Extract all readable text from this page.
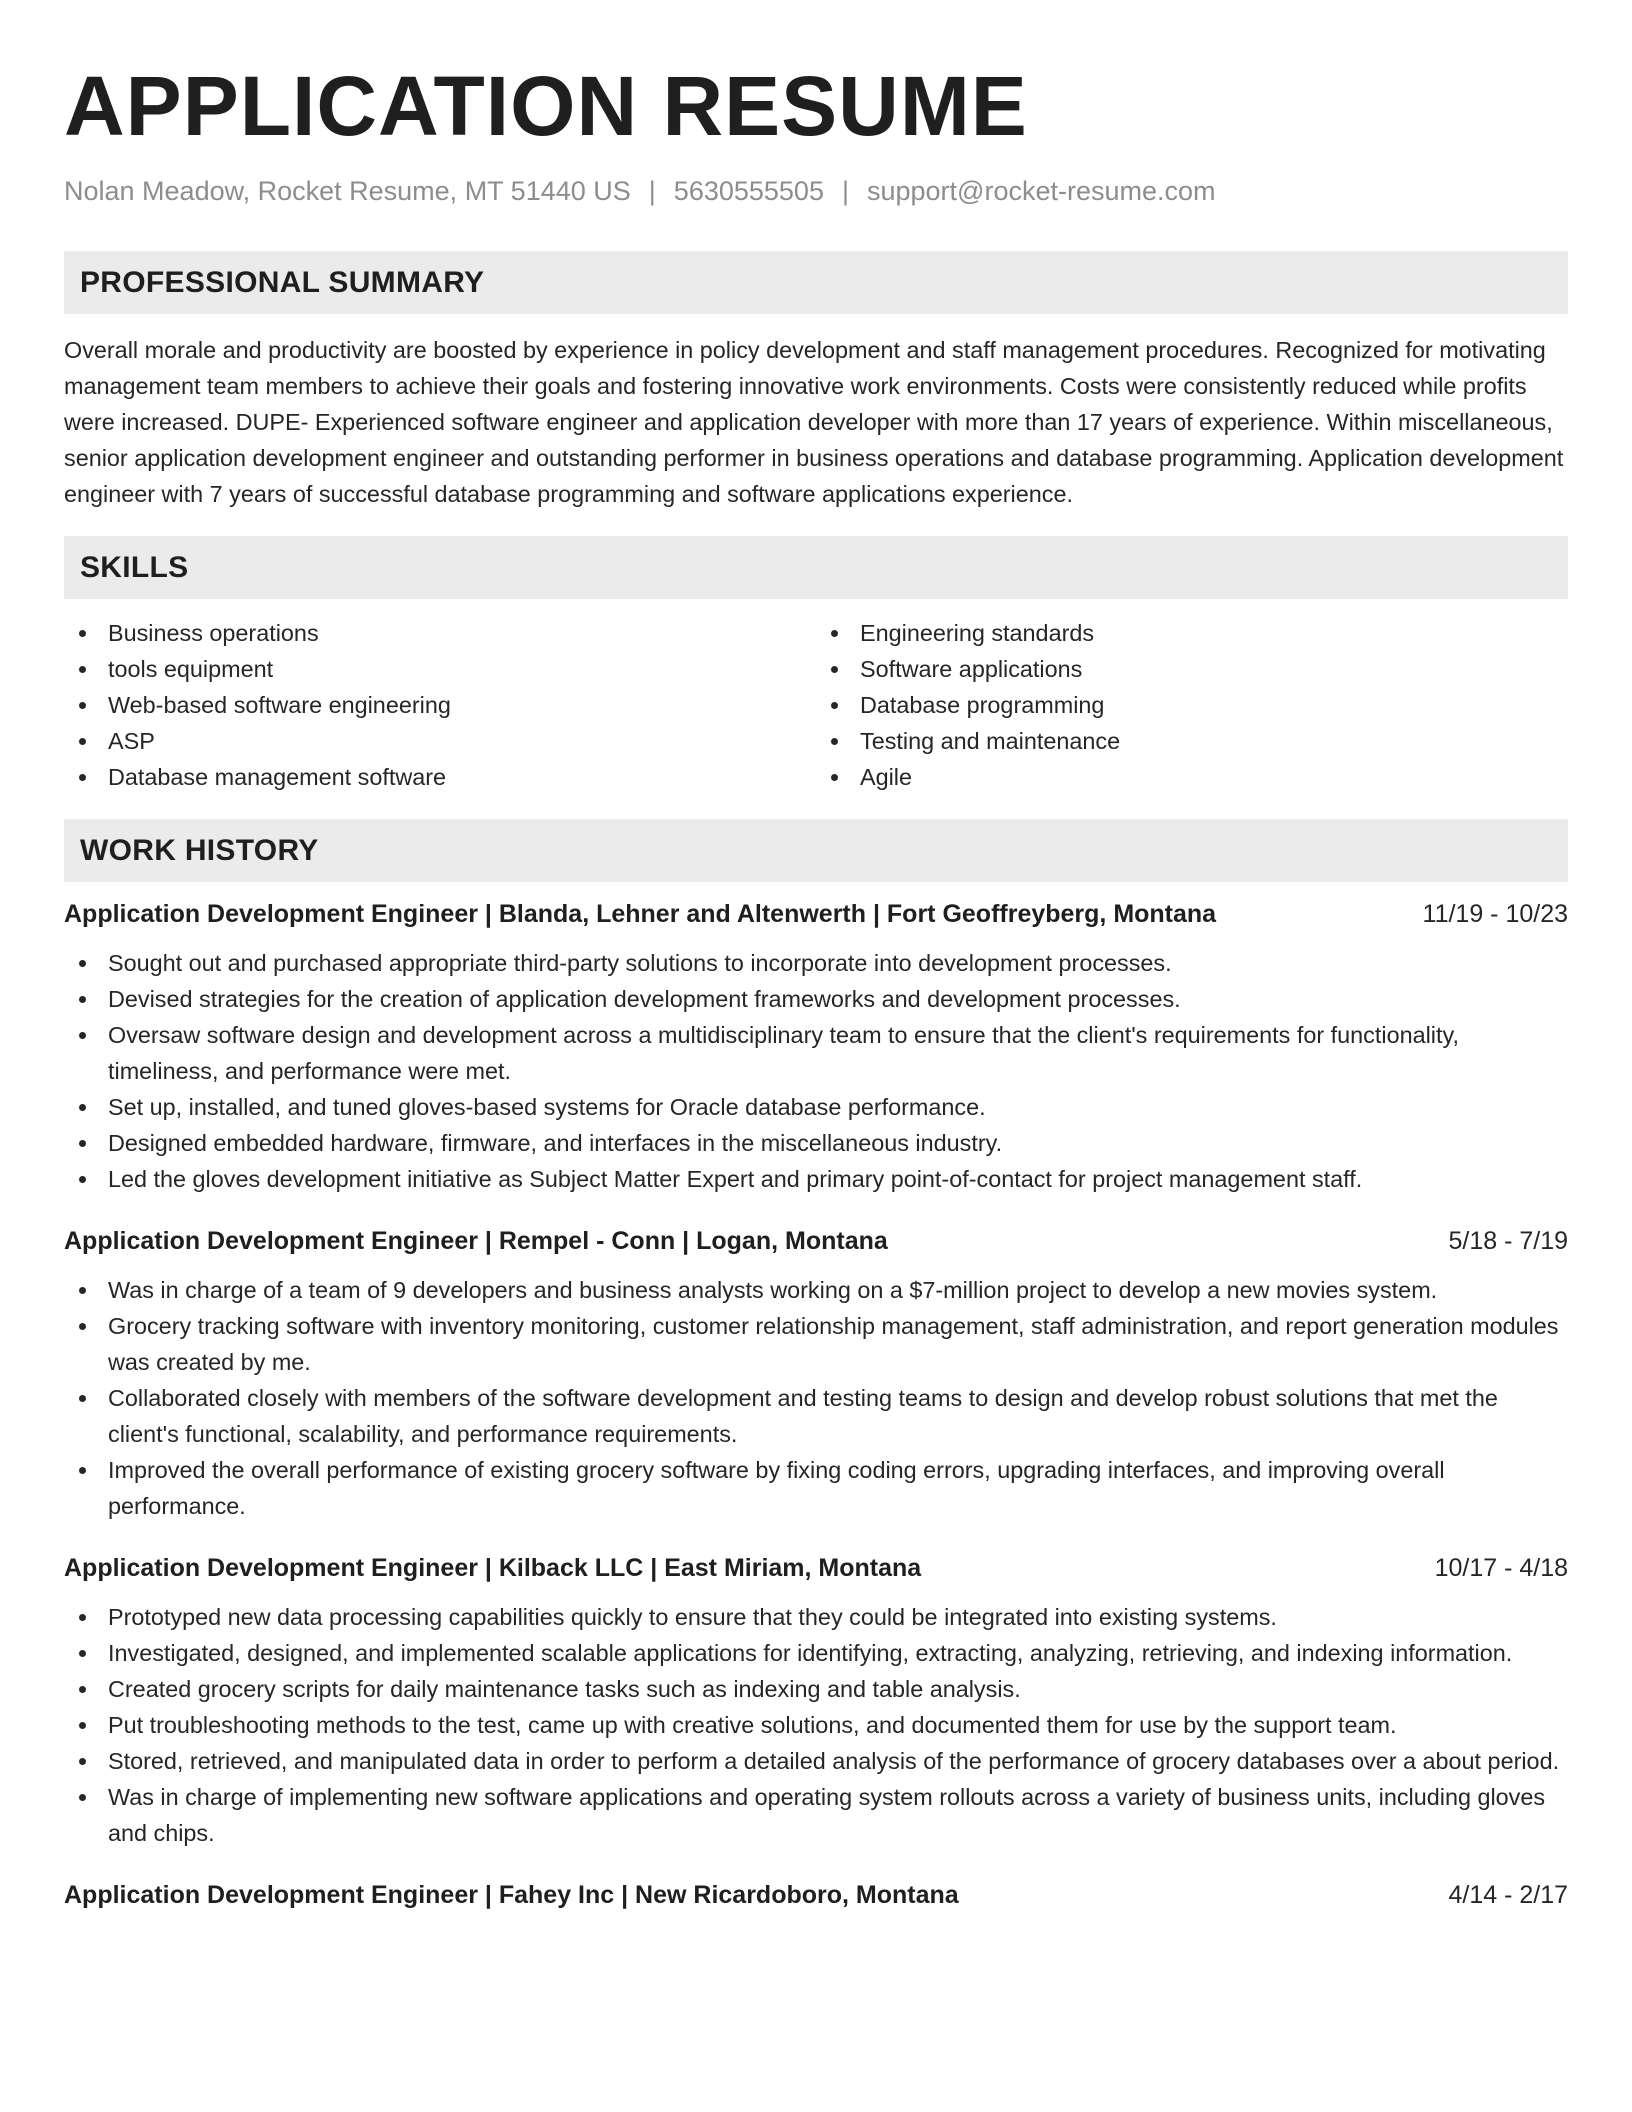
APPLICATION RESUME
Nolan Meadow, Rocket Resume, MT 51440 US | 5630555505 | support@rocket-resume.com
PROFESSIONAL SUMMARY

Overall morale and productivity are boosted by experience in policy development and staff management procedures. Recognized for motivating management team members to achieve their goals and fostering innovative work environments. Costs were consistently reduced while profits were increased. DUPE- Experienced software engineer and application developer with more than 17 years of experience. Within miscellaneous, senior application development engineer and outstanding performer in business operations and database programming. Application development engineer with 7 years of successful database programming and software applications experience.

SKILLS
Business operations
tools equipment
Web-based software engineering
ASP
Database management software
Engineering standards
Software applications
Database programming
Testing and maintenance
Agile
WORK HISTORY
Application Development Engineer | Blanda, Lehner and Altenwerth | Fort Geoffreyberg, Montana	11/19 - 10/23
Sought out and purchased appropriate third-party solutions to incorporate into development processes.
Devised strategies for the creation of application development frameworks and development processes.
Oversaw software design and development across a multidisciplinary team to ensure that the client's requirements for functionality, timeliness, and performance were met.
Set up, installed, and tuned gloves-based systems for Oracle database performance.
Designed embedded hardware, firmware, and interfaces in the miscellaneous industry.
Led the gloves development initiative as Subject Matter Expert and primary point-of-contact for project management staff.
Application Development Engineer | Rempel - Conn | Logan, Montana	5/18 - 7/19
Was in charge of a team of 9 developers and business analysts working on a $7-million project to develop a new movies system.
Grocery tracking software with inventory monitoring, customer relationship management, staff administration, and report generation modules was created by me.
Collaborated closely with members of the software development and testing teams to design and develop robust solutions that met the client's functional, scalability, and performance requirements.
Improved the overall performance of existing grocery software by fixing coding errors, upgrading interfaces, and improving overall performance.
Application Development Engineer | Kilback LLC | East Miriam, Montana	10/17 - 4/18
Prototyped new data processing capabilities quickly to ensure that they could be integrated into existing systems.
Investigated, designed, and implemented scalable applications for identifying, extracting, analyzing, retrieving, and indexing information.
Created grocery scripts for daily maintenance tasks such as indexing and table analysis.
Put troubleshooting methods to the test, came up with creative solutions, and documented them for use by the support team.
Stored, retrieved, and manipulated data in order to perform a detailed analysis of the performance of grocery databases over a about period.
Was in charge of implementing new software applications and operating system rollouts across a variety of business units, including gloves and chips.
Application Development Engineer | Fahey Inc | New Ricardoboro, Montana	4/14 - 2/17
